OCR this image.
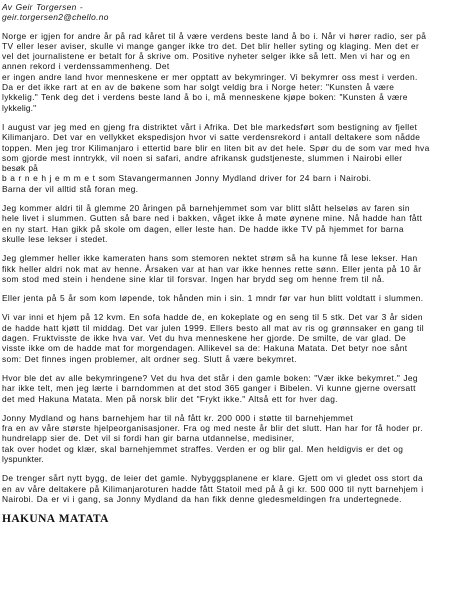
Av Geir Torgersen -
geir.torgersen2@chello.no
Norge er igjen for andre år på rad kåret til å være verdens beste land å bo i. Når vi hører radio, ser på
TV eller leser aviser, skulle vi mange ganger ikke tro det. Det blir heller syting og klaging. Men det er
vel det journalistene er betalt for å skrive om. Positive nyheter selger ikke så lett. Men vi har og en
annen rekord i verdenssammenheng. Det
er ingen andre land hvor menneskene er mer opptatt av bekymringer. Vi bekymrer oss mest i verden.
Da er det ikke rart at en av de bøkene som har solgt veldig bra i Norge heter: "Kunsten å være
lykkelig." Tenk deg det i verdens beste land å bo i, må menneskene kjøpe boken: "Kunsten å være
lykkelig."
I august var jeg med en gjeng fra distriktet vårt i Afrika. Det ble markedsført som bestigning av fjellet
Kilimanjaro. Det var en vellykket ekspedisjon hvor vi satte verdensrekord i antall deltakere som nådde
toppen. Men jeg tror Kilimanjaro i ettertid bare blir en liten bit av det hele. Spør du de som var med hva
som gjorde mest inntrykk, vil noen si safari, andre afrikansk gudstjeneste, slummen i Nairobi eller
besøk på
b a r n e h j e m m e t som Stavangermannen Jonny Mydland driver for 24 barn i Nairobi.
Barna der vil alltid stå foran meg.
Jeg kommer aldri til å glemme 20 åringen på barnehjemmet som var blitt slått helseløs av faren sin
hele livet i slummen. Gutten så bare ned i bakken, våget ikke å møte øynene mine. Nå hadde han fått
en ny start. Han gikk på skole om dagen, eller leste han. De hadde ikke TV på hjemmet for barna
skulle lese lekser i stedet.
Jeg glemmer heller ikke kameraten hans som stemoren nektet strøm så ha kunne få lese lekser. Han
fikk heller aldri nok mat av henne. Årsaken var at han var ikke hennes rette sønn. Eller jenta på 10 år
som stod med stein i hendene sine klar til forsvar. Ingen har brydd seg om henne frem til nå.
Eller jenta på 5 år som kom løpende, tok hånden min i sin. 1 mndr før var hun blitt voldtatt i slummen.
Vi var inni et hjem på 12 kvm. En sofa hadde de, en kokeplate og en seng til 5 stk. Det var 3 år siden
de hadde hatt kjøtt til middag. Det var julen 1999. Ellers besto all mat av ris og grønnsaker en gang til
dagen. Fruktvisste de ikke hva var. Vet du hva menneskene her gjorde. De smilte, de var glad. De
visste ikke om de hadde mat for morgendagen. Allikevel sa de: Hakuna Matata. Det betyr noe sånt
som: Det finnes ingen problemer, alt ordner seg. Slutt å være bekymret.
Hvor ble det av alle bekymringene? Vet du hva det står i den gamle boken: "Vær ikke bekymret." Jeg
har ikke telt, men jeg lærte i barndommen at det stod 365 ganger i Bibelen. Vi kunne gjerne oversatt
det med Hakuna Matata. Men på norsk blir det "Frykt ikke." Altså ett for hver dag.
Jonny Mydland og hans barnehjem har til nå fått kr. 200 000 i støtte til barnehjemmet
fra en av våre største hjelpeorganisasjoner. Fra og med neste år blir det slutt. Han har for få hoder pr.
hundrelapp sier de. Det vil si fordi han gir barna utdannelse, medisiner,
tak over hodet og klær, skal barnehjemmet straffes. Verden er og blir gal. Men heldigvis er det og
lyspunkter.
De trenger sårt nytt bygg, de leier det gamle. Nybyggsplanene er klare. Gjett om vi gledet oss stort da
en av våre deltakere på Kilimanjaroturen hadde fått Statoil med på å gi kr. 500 000 til nytt barnehjem i
Nairobi. Da er vi i gang, sa Jonny Mydland da han fikk denne gledesmeldingen fra undertegnede.
HAKUNA MATATA
